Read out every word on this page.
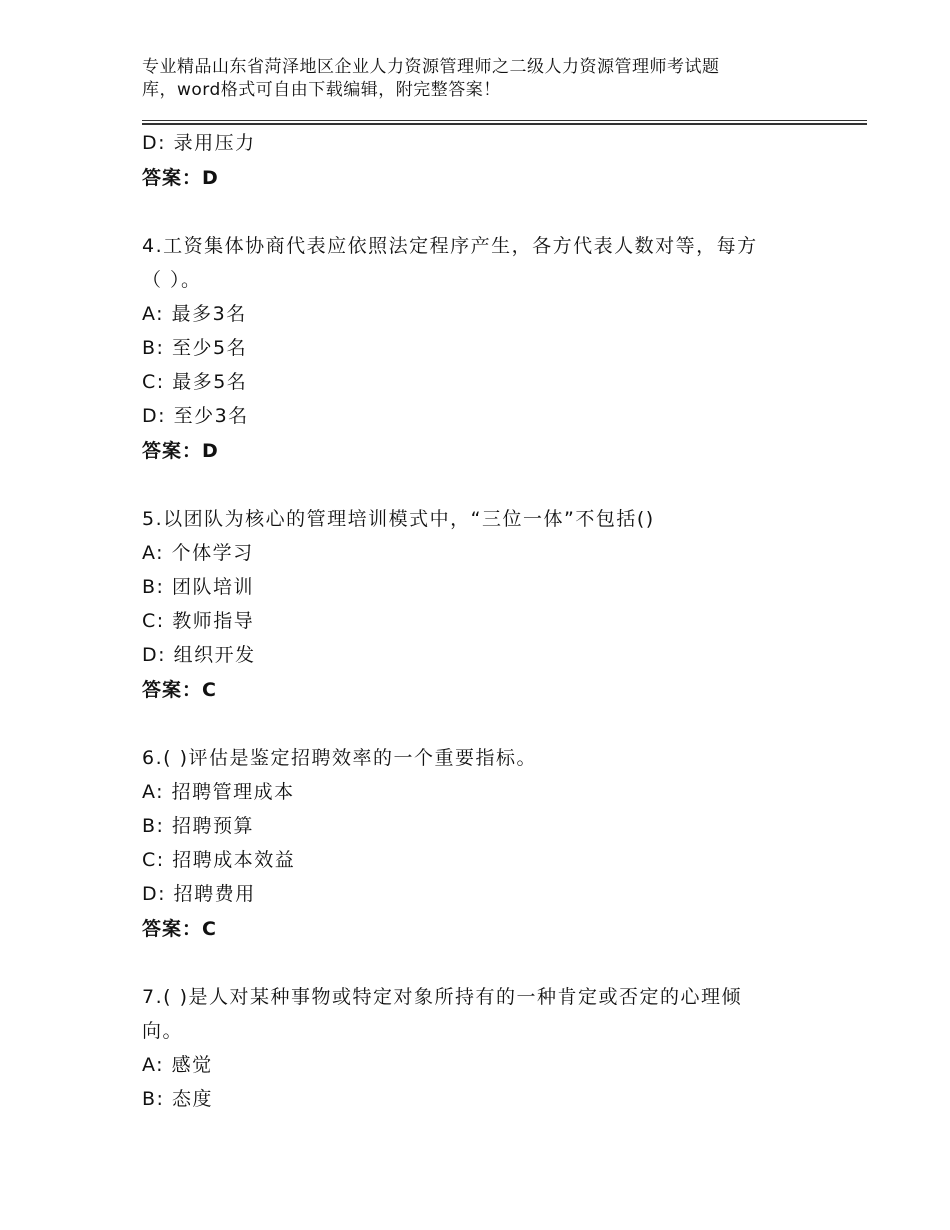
专业精品山东省菏泽地区企业人力资源管理师之二级人力资源管理师考试题
库，word格式可自由下载编辑，附完整答案！
D: 录用压力
答案：D
4.工资集体协商代表应依照法定程序产生，各方代表人数对等，每方
（ ）。
A: 最多3名
B: 至少5名
C: 最多5名
D: 至少3名
答案：D
5.以团队为核心的管理培训模式中，“三位一体”不包括()
A: 个体学习
B: 团队培训
C: 教师指导
D: 组织开发
答案：C
6.( )评估是鉴定招聘效率的一个重要指标。
A: 招聘管理成本
B: 招聘预算
C: 招聘成本效益
D: 招聘费用
答案：C
7.( )是人对某种事物或特定对象所持有的一种肯定或否定的心理倾
向。
A: 感觉
B: 态度
